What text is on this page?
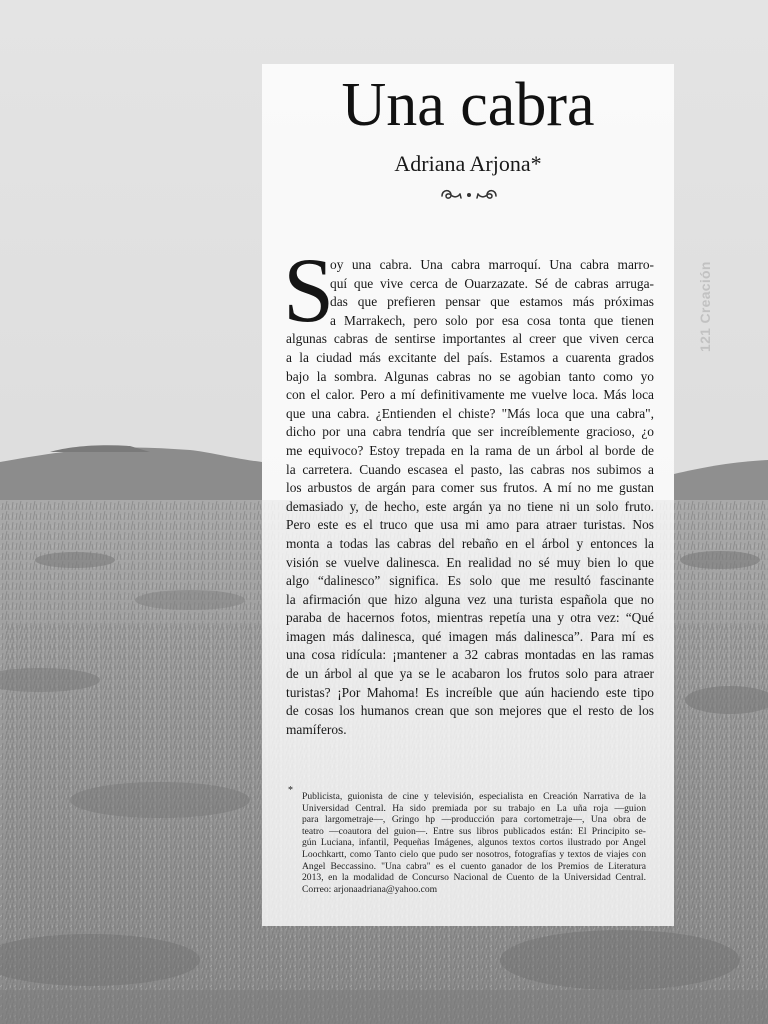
Una cabra
Adriana Arjona*
121 Creación
S
oy una cabra. Una cabra marroquí. Una cabra marro-
quí que vive cerca de Ouarzazate. Sé de cabras arruga-
das que prefieren pensar que estamos más próximas
a Marrakech, pero solo por esa cosa tonta que tienen
algunas cabras de sentirse importantes al creer que viven cerca
a la ciudad más excitante del país. Estamos a cuarenta grados
bajo la sombra. Algunas cabras no se agobian tanto como yo
con el calor. Pero a mí definitivamente me vuelve loca. Más loca
que una cabra. ¿Entienden el chiste? "Más loca que una cabra",
dicho por una cabra tendría que ser increíblemente gracioso, ¿o
me equivoco? Estoy trepada en la rama de un árbol al borde de
la carretera. Cuando escasea el pasto, las cabras nos subimos a
los arbustos de argán para comer sus frutos. A mí no me gustan
demasiado y, de hecho, este argán ya no tiene ni un solo fruto.
Pero este es el truco que usa mi amo para atraer turistas. Nos
monta a todas las cabras del rebaño en el árbol y entonces la
visión se vuelve dalinesca. En realidad no sé muy bien lo que
algo “dalinesco” significa. Es solo que me resultó fascinante
la afirmación que hizo alguna vez una turista española que no
paraba de hacernos fotos, mientras repetía una y otra vez: “Qué
imagen más dalinesca, qué imagen más dalinesca”. Para mí es
una cosa ridícula: ¡mantener a 32 cabras montadas en las ramas
de un árbol al que ya se le acabaron los frutos solo para atraer
turistas? ¡Por Mahoma! Es increíble que aún haciendo este tipo
de cosas los humanos crean que son mejores que el resto de los
mamíferos.
*
Publicista, guionista de cine y televisión, especialista en Creación Narrativa de la
Universidad Central. Ha sido premiada por su trabajo en La uña roja —guion
para largometraje—, Gringo hp —producción para cortometraje—, Una obra de
teatro —coautora del guion—. Entre sus libros publicados están: El Principito se-
gún Luciana, infantil, Pequeñas Imágenes, algunos textos cortos ilustrado por Angel
Loochkartt, como Tanto cielo que pudo ser nosotros, fotografías y textos de viajes con
Angel Beccassino. "Una cabra" es el cuento ganador de los Premios de Literatura
2013, en la modalidad de Concurso Nacional de Cuento de la Universidad Central.
Correo: arjonaadriana@yahoo.com
